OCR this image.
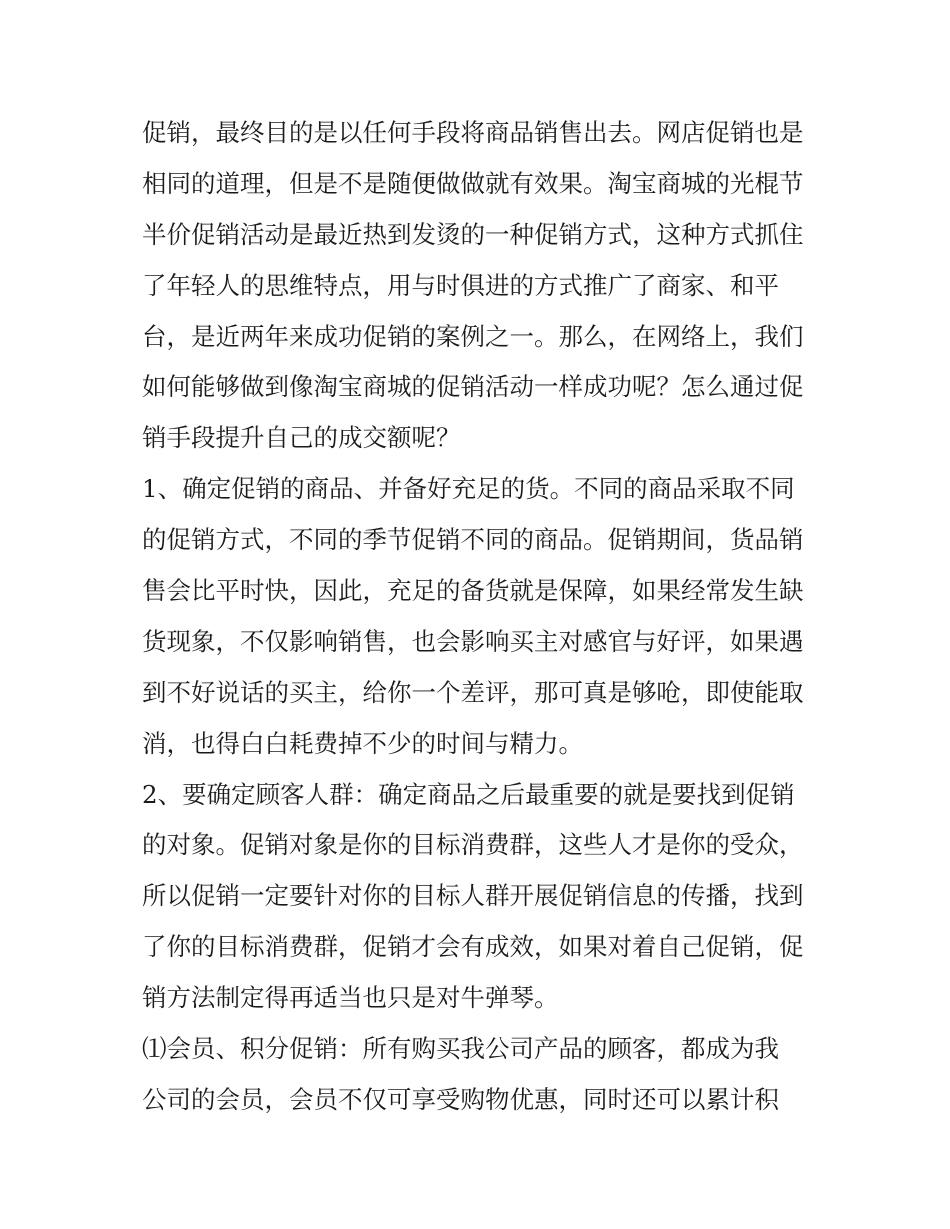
促销，最终目的是以任何手段将商品销售出去。网店促销也是
相同的道理，但是不是随便做做就有效果。淘宝商城的光棍节
半价促销活动是最近热到发烫的一种促销方式，这种方式抓住
了年轻人的思维特点，用与时俱进的方式推广了商家、和平
台，是近两年来成功促销的案例之一。那么，在网络上，我们
如何能够做到像淘宝商城的促销活动一样成功呢？怎么通过促
销手段提升自己的成交额呢？
1、确定促销的商品、并备好充足的货。不同的商品采取不同
的促销方式，不同的季节促销不同的商品。促销期间，货品销
售会比平时快，因此，充足的备货就是保障，如果经常发生缺
货现象，不仅影响销售，也会影响买主对感官与好评，如果遇
到不好说话的买主，给你一个差评，那可真是够呛，即使能取
消，也得白白耗费掉不少的时间与精力。
2、要确定顾客人群：确定商品之后最重要的就是要找到促销
的对象。促销对象是你的目标消费群，这些人才是你的受众，
所以促销一定要针对你的目标人群开展促销信息的传播，找到
了你的目标消费群，促销才会有成效，如果对着自己促销，促
销方法制定得再适当也只是对牛弹琴。
⑴会员、积分促销：所有购买我公司产品的顾客，都成为我
公司的会员，会员不仅可享受购物优惠，同时还可以累计积
